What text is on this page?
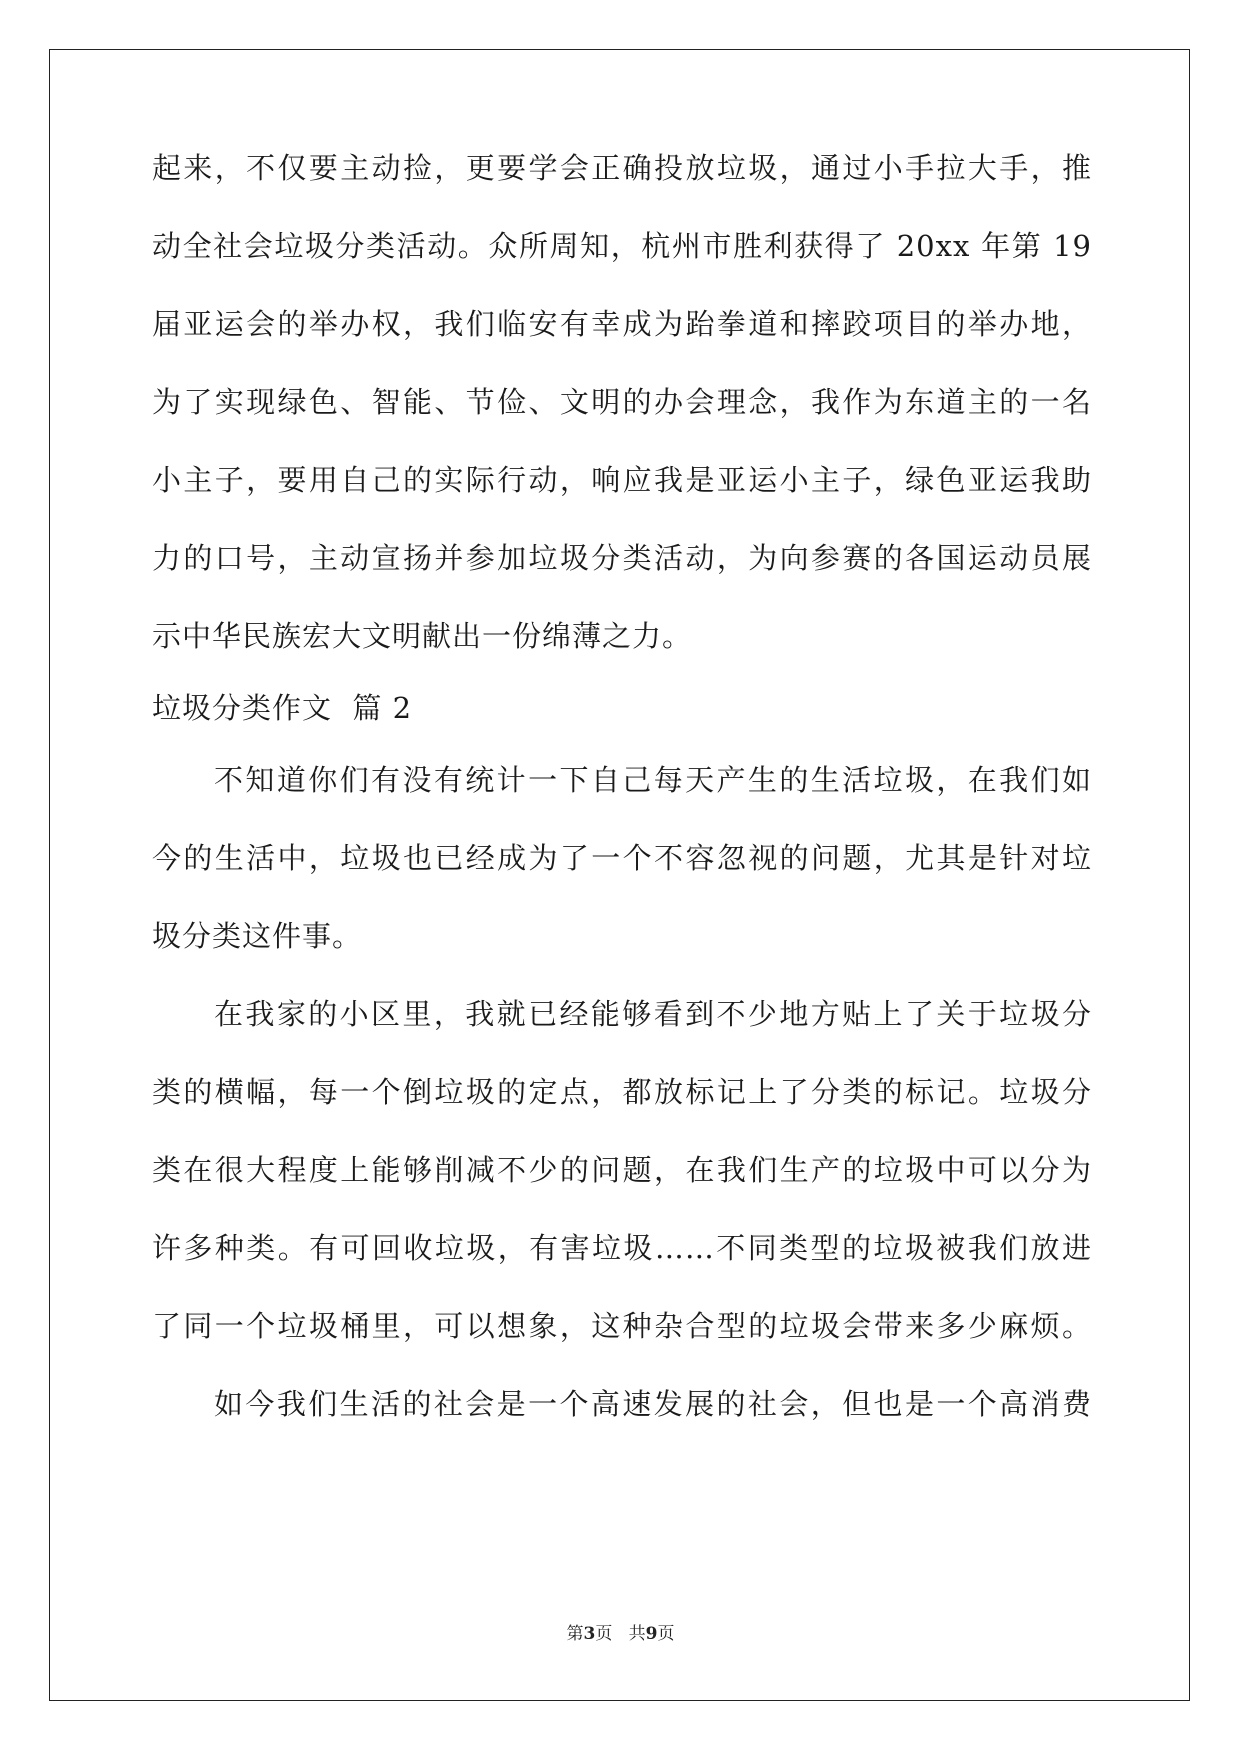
起来，不仅要主动捡，更要学会正确投放垃圾，通过小手拉大手，推
动全社会垃圾分类活动。众所周知，杭州市胜利获得了 20xx 年第 19
届亚运会的举办权，我们临安有幸成为跆拳道和摔跤项目的举办地，
为了实现绿色、智能、节俭、文明的办会理念，我作为东道主的一名
小主子，要用自己的实际行动，响应我是亚运小主子，绿色亚运我助
力的口号，主动宣扬并参加垃圾分类活动，为向参赛的各国运动员展
示中华民族宏大文明献出一份绵薄之力。
垃圾分类作文  篇 2
不知道你们有没有统计一下自己每天产生的生活垃圾，在我们如
今的生活中，垃圾也已经成为了一个不容忽视的问题，尤其是针对垃
圾分类这件事。
在我家的小区里，我就已经能够看到不少地方贴上了关于垃圾分
类的横幅，每一个倒垃圾的定点，都放标记上了分类的标记。垃圾分
类在很大程度上能够削减不少的问题，在我们生产的垃圾中可以分为
许多种类。有可回收垃圾，有害垃圾……不同类型的垃圾被我们放进
了同一个垃圾桶里，可以想象，这种杂合型的垃圾会带来多少麻烦。
如今我们生活的社会是一个高速发展的社会，但也是一个高消费
第3页   共9页
